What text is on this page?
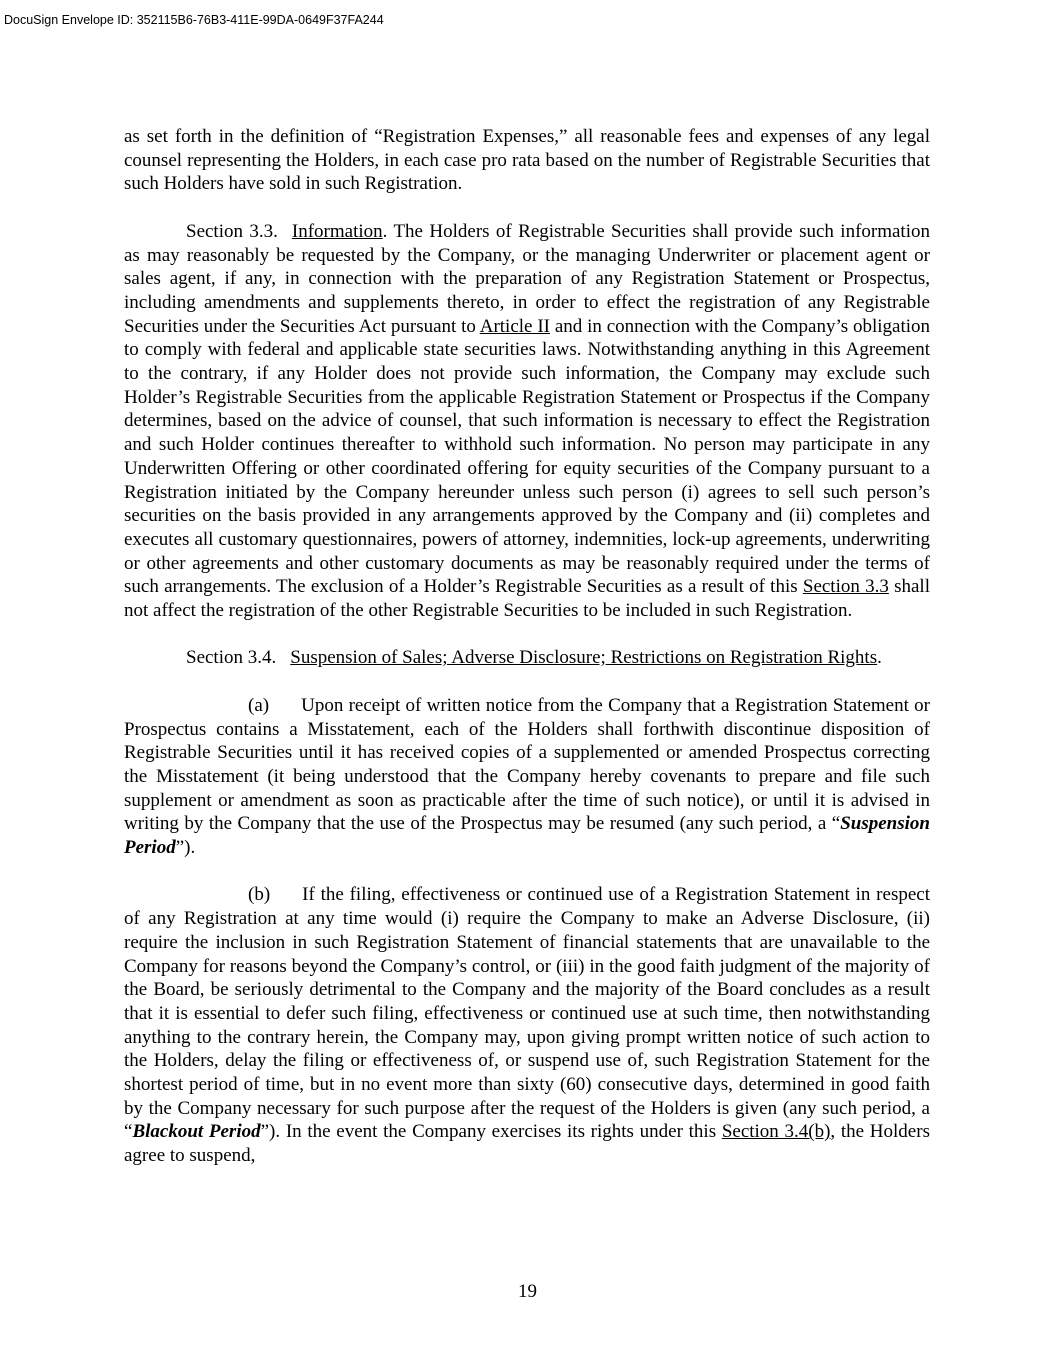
DocuSign Envelope ID: 352115B6-76B3-411E-99DA-0649F37FA244

as set forth in the definition of “Registration Expenses,” all reasonable fees and expenses of any legal counsel representing the Holders, in each case pro rata based on the number of Registrable Securities that such Holders have sold in such Registration.

Section 3.3. Information. The Holders of Registrable Securities shall provide such information as may reasonably be requested by the Company, or the managing Underwriter or placement agent or sales agent, if any, in connection with the preparation of any Registration Statement or Prospectus, including amendments and supplements thereto, in order to effect the registration of any Registrable Securities under the Securities Act pursuant to Article II and in connection with the Company’s obligation to comply with federal and applicable state securities laws. Notwithstanding anything in this Agreement to the contrary, if any Holder does not provide such information, the Company may exclude such Holder’s Registrable Securities from the applicable Registration Statement or Prospectus if the Company determines, based on the advice of counsel, that such information is necessary to effect the Registration and such Holder continues thereafter to withhold such information. No person may participate in any Underwritten Offering or other coordinated offering for equity securities of the Company pursuant to a Registration initiated by the Company hereunder unless such person (i) agrees to sell such person’s securities on the basis provided in any arrangements approved by the Company and (ii) completes and executes all customary questionnaires, powers of attorney, indemnities, lock-up agreements, underwriting or other agreements and other customary documents as may be reasonably required under the terms of such arrangements. The exclusion of a Holder’s Registrable Securities as a result of this Section 3.3 shall not affect the registration of the other Registrable Securities to be included in such Registration.

Section 3.4. Suspension of Sales; Adverse Disclosure; Restrictions on Registration Rights.

(a) Upon receipt of written notice from the Company that a Registration Statement or Prospectus contains a Misstatement, each of the Holders shall forthwith discontinue disposition of Registrable Securities until it has received copies of a supplemented or amended Prospectus correcting the Misstatement (it being understood that the Company hereby covenants to prepare and file such supplement or amendment as soon as practicable after the time of such notice), or until it is advised in writing by the Company that the use of the Prospectus may be resumed (any such period, a “Suspension Period”).

(b) If the filing, effectiveness or continued use of a Registration Statement in respect of any Registration at any time would (i) require the Company to make an Adverse Disclosure, (ii) require the inclusion in such Registration Statement of financial statements that are unavailable to the Company for reasons beyond the Company’s control, or (iii) in the good faith judgment of the majority of the Board, be seriously detrimental to the Company and the majority of the Board concludes as a result that it is essential to defer such filing, effectiveness or continued use at such time, then notwithstanding anything to the contrary herein, the Company may, upon giving prompt written notice of such action to the Holders, delay the filing or effectiveness of, or suspend use of, such Registration Statement for the shortest period of time, but in no event more than sixty (60) consecutive days, determined in good faith by the Company necessary for such purpose after the request of the Holders is given (any such period, a “Blackout Period”). In the event the Company exercises its rights under this Section 3.4(b), the Holders agree to suspend,

19
